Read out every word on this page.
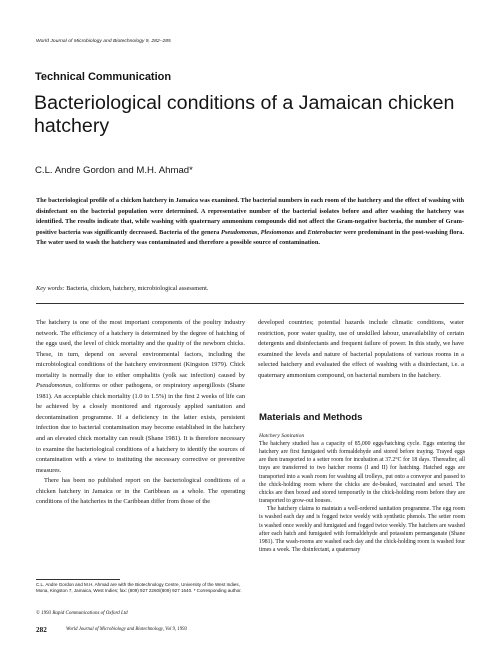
World Journal of Microbiology and Biotechnology 9, 282–285
Technical Communication
Bacteriological conditions of a Jamaican chicken hatchery
C.L. Andre Gordon and M.H. Ahmad*
The bacteriological profile of a chicken hatchery in Jamaica was examined. The bacterial numbers in each room of the hatchery and the effect of washing with disinfectant on the bacterial population were determined. A representative number of the bacterial isolates before and after washing the hatchery was identified. The results indicate that, while washing with quaternary ammonium compounds did not affect the Gram-negative bacteria, the number of Gram-positive bacteria was significantly decreased. Bacteria of the genera Pseudomonas, Plesiomonas and Enterobacter were predominant in the post-washing flora. The water used to wash the hatchery was contaminated and therefore a possible source of contamination.
Key words: Bacteria, chicken, hatchery, microbiological assessment.

The hatchery is one of the most important components of the poultry industry network. The efficiency of a hatchery is determined by the degree of hatching of the eggs used, the level of chick mortality and the quality of the newborn chicks. These, in turn, depend on several environmental factors, including the microbiological conditions of the hatchery environment (Kingston 1979). Chick mortality is normally due to either omphalitis (yolk sac infection) caused by Pseudomonas, coliforms or other pathogens, or respiratory aspergillosis (Shane 1981). An acceptable chick mortality (1.0 to 1.5%) in the first 2 weeks of life can be achieved by a closely monitored and rigorously applied sanitation and decontamination programme. If a deficiency in the latter exists, persistent infection due to bacterial contamination may become established in the hatchery and an elevated chick mortality can result (Shane 1981). It is therefore necessary to examine the bacteriological conditions of a hatchery to identify the sources of contamination with a view to instituting the necessary corrective or preventive measures.

There has been no published report on the bacteriological conditions of a chicken hatchery in Jamaica or in the Caribbean as a whole. The operating conditions of the hatcheries in the Caribbean differ from those of the

developed countries; potential hazards include climatic conditions, water restriction, poor water quality, use of unskilled labour, unavailability of certain detergents and disinfectants and frequent failure of power. In this study, we have examined the levels and nature of bacterial populations of various rooms in a selected hatchery and evaluated the effect of washing with a disinfectant, i.e. a quaternary ammonium compound, on bacterial numbers in the hatchery.

Materials and Methods
Hatchery Sanitation

The hatchery studied has a capacity of 85,000 eggs/hatching cycle. Eggs entering the hatchery are first fumigated with formaldehyde and stored before traying. Trayed eggs are then transported to a setter room for incubation at 37.2°C for 18 days. Thereafter, all trays are transferred to two hatcher rooms (I and II) for hatching. Hatched eggs are transported into a wash room for washing all trolleys, put onto a conveyor and passed to the chick-holding room where the chicks are de-beaked, vaccinated and sexed. The chicks are then boxed and stored temporarily in the chick-holding room before they are transported to grow-out houses.

The hatchery claims to maintain a well-ordered sanitation programme. The egg room is washed each day and is fogged twice weekly with synthetic phenols. The setter room is washed once weekly and fumigated and fogged twice weekly. The hatchers are washed after each hatch and fumigated with formaldehyde and potassium permanganate (Shane 1981). The wash-rooms are washed each day and the chick-holding room is washed four times a week. The disinfectant, a quaternary

C.L. Andre Gordon and M.H. Ahmad are with the Biotechnology Centre, University of the West Indies, Mona, Kingston 7, Jamaica, West Indies; fax: (809) 927 2260/(809) 927 1640. * Corresponding author.
© 1993 Rapid Communications of Oxford Ltd
282	World Journal of Microbiology and Biotechnology, Vol 9, 1993
